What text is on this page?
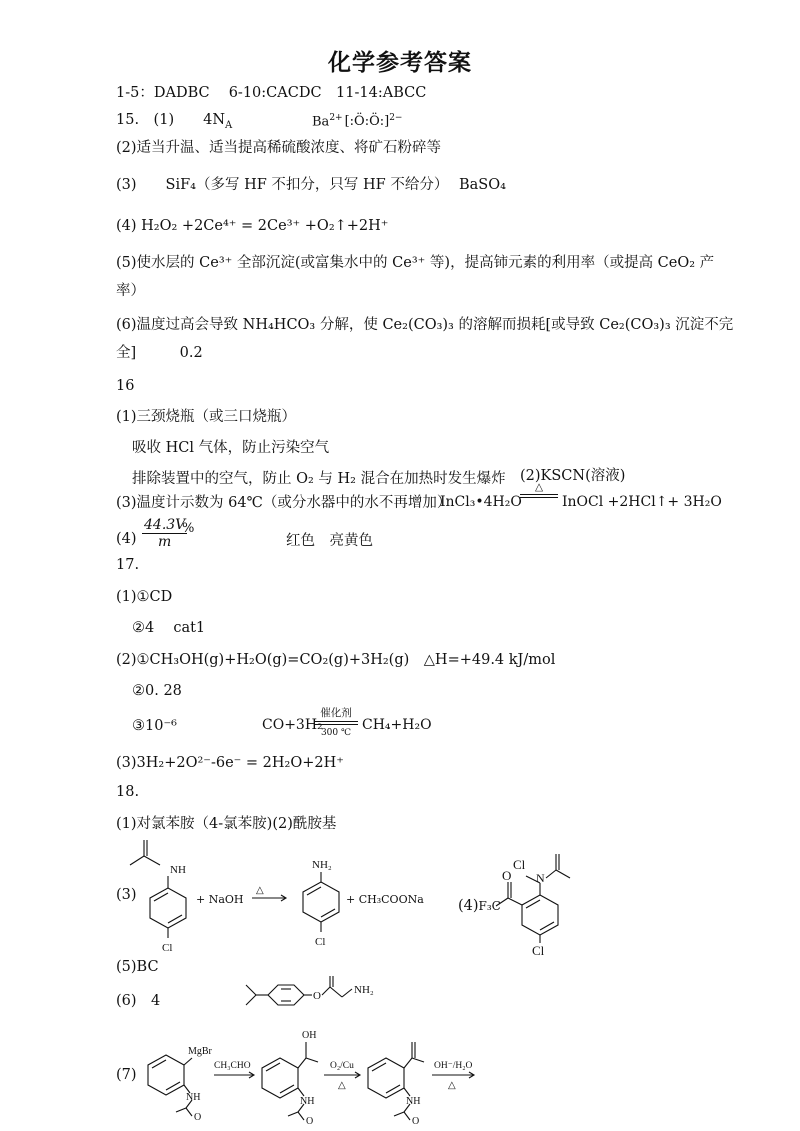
化学参考答案
1-5：DADBC　 6-10:CACDC　11-14:ABCC
15.　(1)　　$4N_A$	$Ba^{2+}$ [:Ö:Ö:]$^{2-}$
(2)适当升温、适当提高稀硫酸浓度、将矿石粉碎等
(3)　　SiF₄（多写 HF 不扣分，只写 HF 不给分） BaSO₄
(4) H₂O₂ +2Ce⁴⁺ = 2Ce³⁺ +O₂↑+2H⁺
(5)使水层的 Ce³⁺ 全部沉淀(或富集水中的 Ce³⁺ 等)，提高铈元素的利用率（或提高 CeO₂ 产
率）
(6)温度过高会导致 NH₄HCO₃ 分解，使 Ce₂(CO₃)₃ 的溶解而损耗[或导致 Ce₂(CO₃)₃ 沉淀不完
全]　　　0.2
16
(1)三颈烧瓶（或三口烧瓶）
吸收 HCl 气体，防止污染空气
排除装置中的空气，防止 O₂ 与 H₂ 混合在加热时发生爆炸 (2)KSCN(溶液)
(3)温度计示数为 64℃（或分水器中的水不再增加）
InCl₃•4H₂O
△
InOCl +2HCl↑+ 3H₂O
$(4) \frac{44.3V}{m}$
%
红色　亮黄色
17.
(1)①CD
②4　 cat1
(2)①CH₃OH(g)+H₂O(g)=CO₂(g)+3H₂(g)　△H=+49.4 kJ/mol
②0. 28
③10⁻⁶	CO+3H₂
催化剂
300 ℃ CH₄+H₂O
(3)3H₂+2O²⁻-6e⁻ = 2H₂O+2H⁺
18.
(1)对氯苯胺（4-氯苯胺)(2)酰胺基
NH
Cl
△
NH₂
Cl
O
Cl
N
Cl
(3)	+ NaOH	+ CH₃COONa (4)F₃C
(5)BC
(6)　4	O	NH₂
(7)
MgBr
NH
O
CH₃CHO
OH
NH
O
O₂/Cu
△
NH
O
OH⁻/H₂O
△
